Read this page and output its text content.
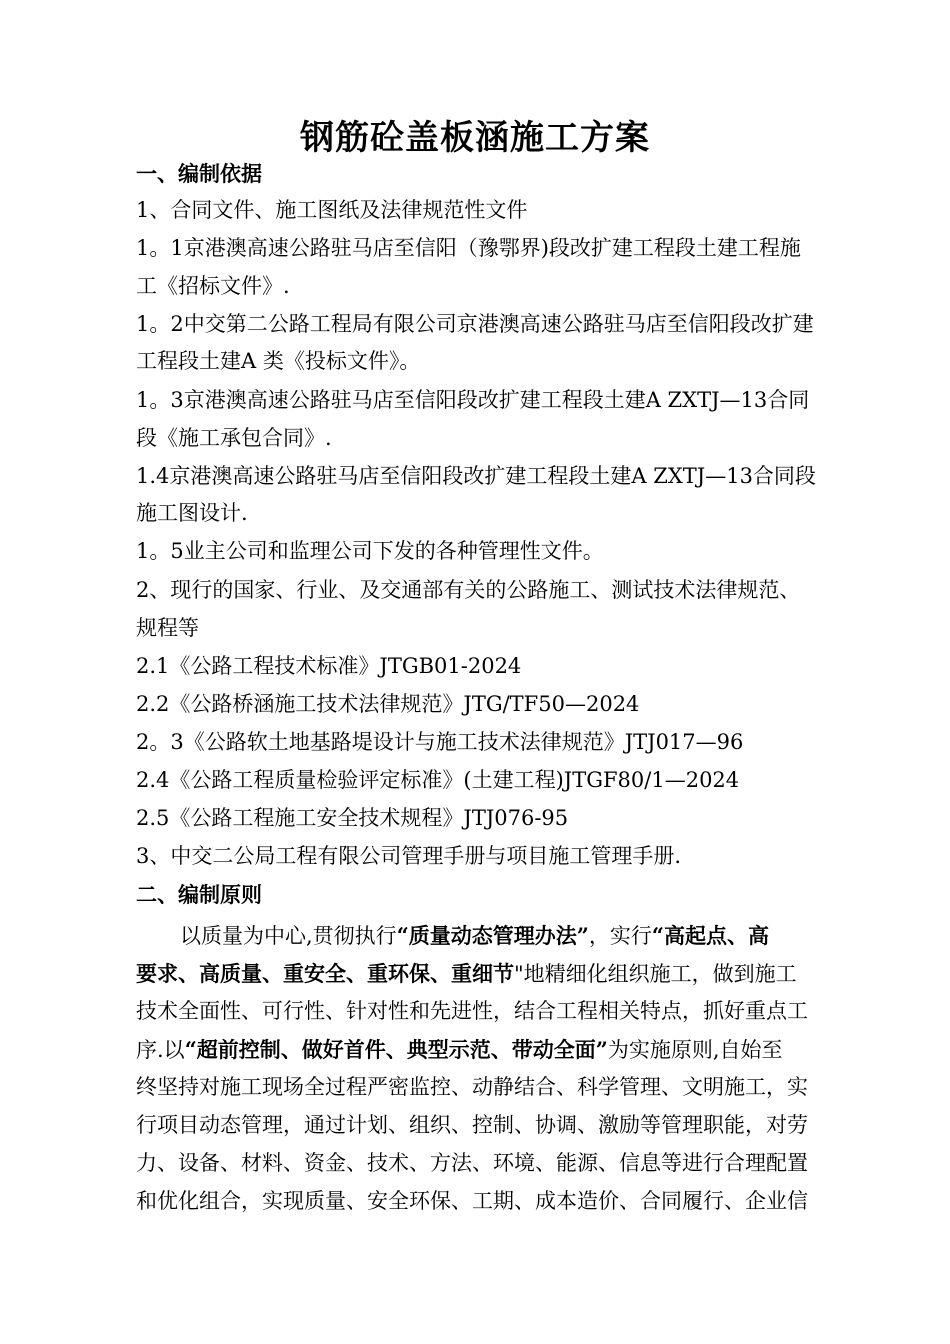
钢筋砼盖板涵施工方案

一、编制依据

1、合同文件、施工图纸及法律规范性文件

1。1京港澳高速公路驻马店至信阳（豫鄂界)段改扩建工程段土建工程施

工《招标文件》.

1。2中交第二公路工程局有限公司京港澳高速公路驻马店至信阳段改扩建

工程段土建A 类《投标文件》。

1。3京港澳高速公路驻马店至信阳段改扩建工程段土建A ZXTJ—13合同

段《施工承包合同》.

1.4京港澳高速公路驻马店至信阳段改扩建工程段土建A ZXTJ—13合同段

施工图设计.

1。5业主公司和监理公司下发的各种管理性文件。

2、现行的国家、行业、及交通部有关的公路施工、测试技术法律规范、

规程等

2.1《公路工程技术标准》JTGB01-2024

2.2《公路桥涵施工技术法律规范》JTG/TF50—2024

2。3《公路软土地基路堤设计与施工技术法律规范》JTJ017—96

2.4《公路工程质量检验评定标准》(土建工程)JTGF80/1—2024

2.5《公路工程施工安全技术规程》JTJ076-95

3、中交二公局工程有限公司管理手册与项目施工管理手册.

二、编制原则

以质量为中心,贯彻执行“质量动态管理办法”，实行“高起点、高

要求、高质量、重安全、重环保、重细节"地精细化组织施工，做到施工

技术全面性、可行性、针对性和先进性，结合工程相关特点，抓好重点工

序.以“超前控制、做好首件、典型示范、带动全面”为实施原则,自始至

终坚持对施工现场全过程严密监控、动静结合、科学管理、文明施工，实

行项目动态管理，通过计划、组织、控制、协调、激励等管理职能，对劳

力、设备、材料、资金、技术、方法、环境、能源、信息等进行合理配置

和优化组合，实现质量、安全环保、工期、成本造价、合同履行、企业信
